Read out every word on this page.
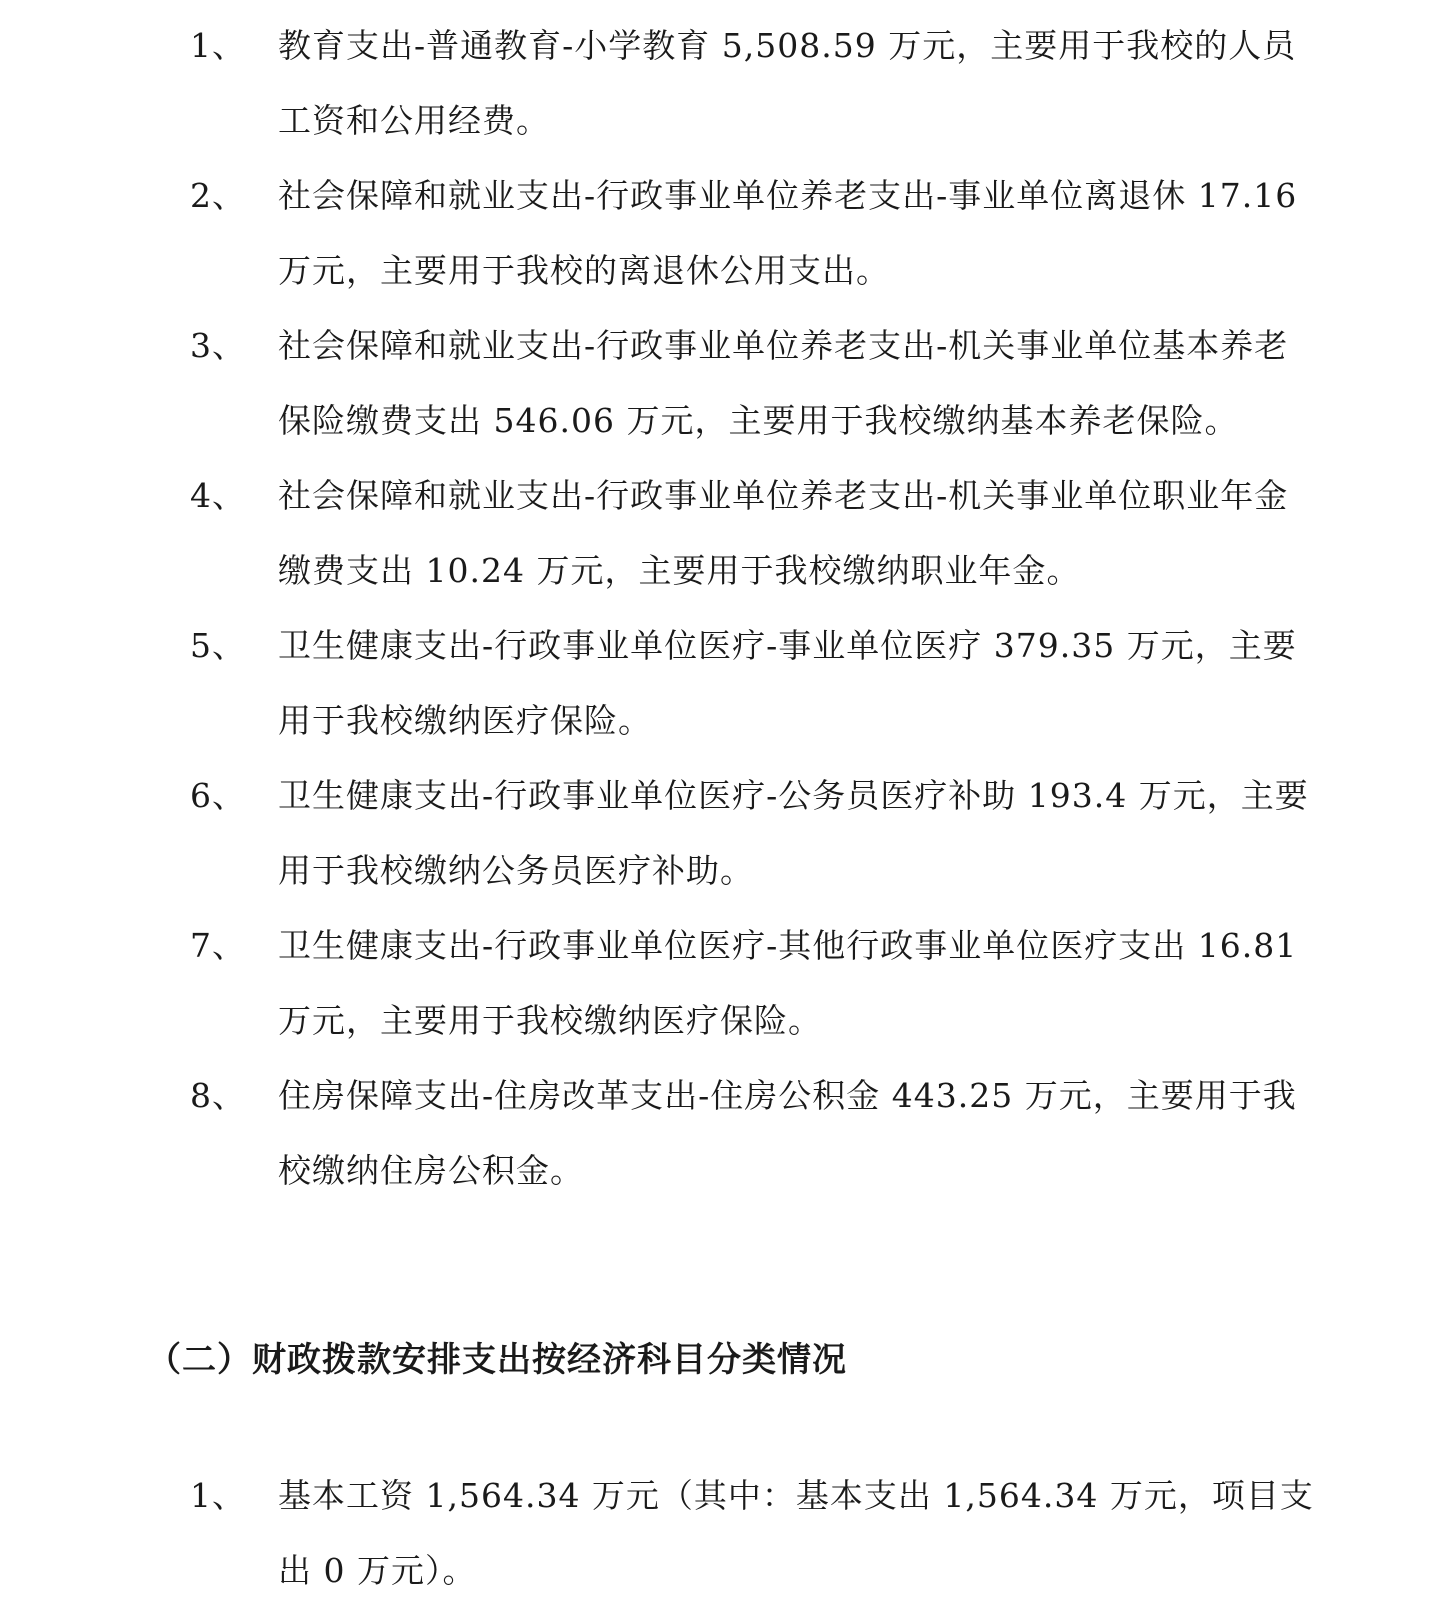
1、 教育支出-普通教育-小学教育 5,508.59 万元，主要用于我校的人员工资和公用经费。
2、 社会保障和就业支出-行政事业单位养老支出-事业单位离退休 17.16 万元，主要用于我校的离退休公用支出。
3、 社会保障和就业支出-行政事业单位养老支出-机关事业单位基本养老保险缴费支出 546.06 万元，主要用于我校缴纳基本养老保险。
4、 社会保障和就业支出-行政事业单位养老支出-机关事业单位职业年金缴费支出 10.24 万元，主要用于我校缴纳职业年金。
5、 卫生健康支出-行政事业单位医疗-事业单位医疗 379.35 万元，主要用于我校缴纳医疗保险。
6、 卫生健康支出-行政事业单位医疗-公务员医疗补助 193.4 万元，主要用于我校缴纳公务员医疗补助。
7、 卫生健康支出-行政事业单位医疗-其他行政事业单位医疗支出 16.81 万元，主要用于我校缴纳医疗保险。
8、 住房保障支出-住房改革支出-住房公积金 443.25 万元，主要用于我校缴纳住房公积金。
（二）财政拨款安排支出按经济科目分类情况
1、 基本工资 1,564.34 万元（其中：基本支出 1,564.34 万元，项目支出 0 万元）。
